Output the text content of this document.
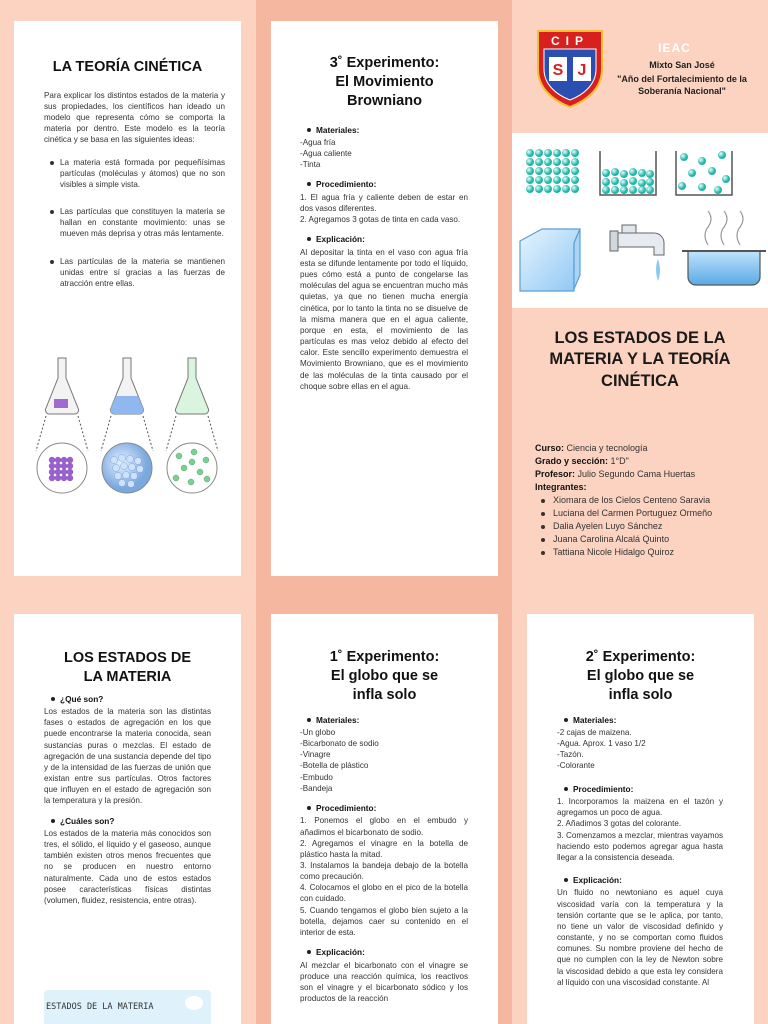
LA TEORÍA CINÉTICA

Para explicar los distintos estados de la materia y sus propiedades, los científicos han ideado un modelo que representa cómo se comporta la materia por dentro. Este modelo es la teoría cinética y se basa en las siguientes ideas:

La materia está formada por pequeñísimas partículas (moléculas y átomos) que no son visibles a simple vista.
Las partículas que constituyen la materia se hallan en constante movimiento: unas se mueven más deprisa y otras más lentamente.
Las partículas de la materia se mantienen unidas entre sí gracias a las fuerzas de atracción entre ellas.
3˚ Experimento:
El Movimiento
Browniano
Materiales:
-Agua fría
-Agua caliente
-Tinta
Procedimiento:

1. El agua fría y caliente deben de estar en dos vasos diferentes.

2. Agregamos 3 gotas de tinta en cada vaso.

Explicación:

Al depositar la tinta en el vaso con agua fría esta se difunde lentamente por todo el líquido, pues cómo está a punto de congelarse las moléculas del agua se encuentran mucho más quietas, ya que no tienen mucha energía cinética, por lo tanto la tinta no se disuelve de la misma manera que en el agua caliente, porque en esta, el movimiento de las partículas es mas veloz debido al efecto del calor. Este sencillo experimento demuestra el Movimiento Browniano, que es el movimiento de las moléculas de la tinta causado por el choque sobre ellas en el agua.

S J
CIP	IEAC
Mixto San José
"Año del Fortalecimiento de la Soberanía Nacional"
LOS ESTADOS DE LA MATERIA Y LA TEORÍA CINÉTICA
Curso: Ciencia y tecnología
Grado y sección: 1°D"
Profesor: Julio Segundo Cama Huertas
Integrantes:
Xiomara de los Cielos Centeno Saravia
Luciana del Carmen Portuguez Ormeño
Dalia Ayelen Luyo Sánchez
Juana Carolina Alcalá Quinto
Tattiana Nicole Hidalgo Quiroz
LOS ESTADOS DE
LA MATERIA
¿Qué son?

Los estados de la materia son las distintas fases o estados de agregación en los que puede encontrarse la materia conocida, sean sustancias puras o mezclas. El estado de agregación de una sustancia depende del tipo y de la intensidad de las fuerzas de unión que existan entre sus partículas. Otros factores que influyen en el estado de agregación son la temperatura y la presión.

¿Cuáles son?

Los estados de la materia más conocidos son tres, el sólido, el líquido y el gaseoso, aunque también existen otros menos frecuentes que no se producen en nuestro entorno naturalmente. Cada uno de estos estados posee características físicas distintas (volumen, fluidez, resistencia, entre otras).

ESTADOS DE LA MATERIA
1˚ Experimento:
El globo que se
infla solo
Materiales:
-Un globo
-Bicarbonato de sodio
-Vinagre
-Botella de plástico
-Embudo
-Bandeja
Procedimiento:

1. Ponemos el globo en el embudo y añadimos el bicarbonato de sodio.

2. Agregamos el vinagre en la botella de plástico hasta la mitad.

3. Instalamos la bandeja debajo de la botella como precaución.

4. Colocamos el globo en el pico de la botella con cuidado.

5. Cuando tengamos el globo bien sujeto a la botella, dejamos caer su contenido en el interior de esta.

Explicación:

Al mezclar el bicarbonato con el vinagre se produce una reacción química, los reactivos son el vinagre y el bicarbonato sódico y los productos de la reacción

2˚ Experimento:
El globo que se
infla solo
Materiales:
-2 cajas de maizena.
-Agua. Aprox. 1 vaso 1/2
-Tazón.
-Colorante
Procedimiento:

1. Incorporamos la maizena en el tazón y agregamos un poco de agua.

2. Añadimos 3 gotas del colorante.

3. Comenzamos a mezclar, mientras vayamos haciendo esto podemos agregar agua hasta llegar a la consistencia deseada.

Explicación:

Un fluido no newtoniano es aquel cuya viscosidad varía con la temperatura y la tensión cortante que se le aplica, por tanto, no tiene un valor de viscosidad definido y constante, y no se comportan como fluidos comunes. Su nombre proviene del hecho de que no cumplen con la ley de Newton sobre la viscosidad debido a que esta ley considera al líquido con una viscosidad constante. Al
